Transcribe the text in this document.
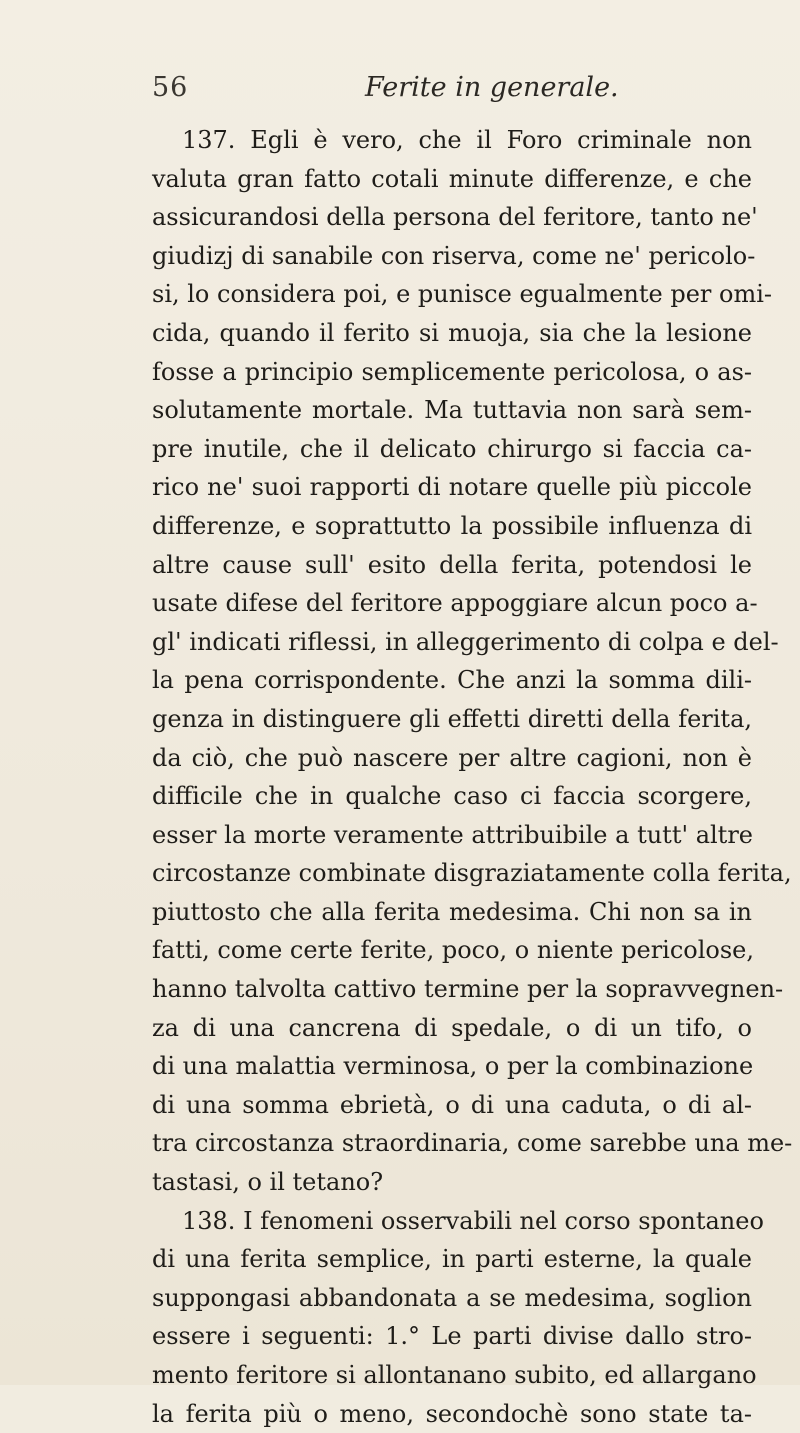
56	Ferite in generale.
137. Egli è vero, che il Foro criminale non
valuta gran fatto cotali minute differenze, e che
assicurandosi della persona del feritore, tanto ne'
giudizj di sanabile con riserva, come ne' pericolo-
si, lo considera poi, e punisce egualmente per omi-
cida, quando il ferito si muoja, sia che la lesione
fosse a principio semplicemente pericolosa, o as-
solutamente mortale. Ma tuttavia non sarà sem-
pre inutile, che il delicato chirurgo si faccia ca-
rico ne' suoi rapporti di notare quelle più piccole
differenze, e soprattutto la possibile influenza di
altre cause sull' esito della ferita, potendosi le
usate difese del feritore appoggiare alcun poco a-
gl' indicati riflessi, in alleggerimento di colpa e del-
la pena corrispondente. Che anzi la somma dili-
genza in distinguere gli effetti diretti della ferita,
da ciò, che può nascere per altre cagioni, non è
difficile che in qualche caso ci faccia scorgere,
esser la morte veramente attribuibile a tutt' altre
circostanze combinate disgraziatamente colla ferita,
piuttosto che alla ferita medesima. Chi non sa in
fatti, come certe ferite, poco, o niente pericolose,
hanno talvolta cattivo termine per la sopravvegnen-
za di una cancrena di spedale, o di un tifo, o
di una malattia verminosa, o per la combinazione
di una somma ebrietà, o di una caduta, o di al-
tra circostanza straordinaria, come sarebbe una me-
tastasi, o il tetano?
138. I fenomeni osservabili nel corso spontaneo
di una ferita semplice, in parti esterne, la quale
suppongasi abbandonata a se medesima, soglion
essere i seguenti: 1.° Le parti divise dallo stro-
mento feritore si allontanano subito, ed allargano
la ferita più o meno, secondochè sono state ta-
